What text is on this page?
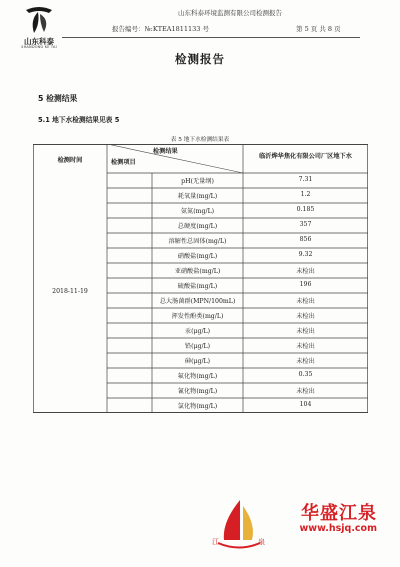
山东科泰
SHANDONG KE TAI
山东科泰环境监测有限公司检测报告
报告编号：№:KTEA1811133 号	第 5 页 共 8 页
检测报告
5 检测结果
5.1 地下水检测结果见表 5
表 5 地下水检测结果表
检测时间
检测结果
检测项目
临沂烨华焦化有限公司厂区地下水
2018-11-19
pH(无量纲)	7.31
耗氧量(mg/L)	1.2
氨氮(mg/L)	0.185
总硬度(mg/L)	357
溶解性总固体(mg/L)	856
硝酸盐(mg/L)	9.32
亚硝酸盐(mg/L)	未检出
硫酸盐(mg/L)	196
总大肠菌群(MPN/100mL)	未检出
挥发性酚类(mg/L)	未检出
汞(μg/L)	未检出
铅(μg/L)	未检出
砷(μg/L)	未检出
氟化物(mg/L)	0.35
氰化物(mg/L)	未检出
氯化物(mg/L)	104
江	泉
华盛江泉
www.hsjq.com
